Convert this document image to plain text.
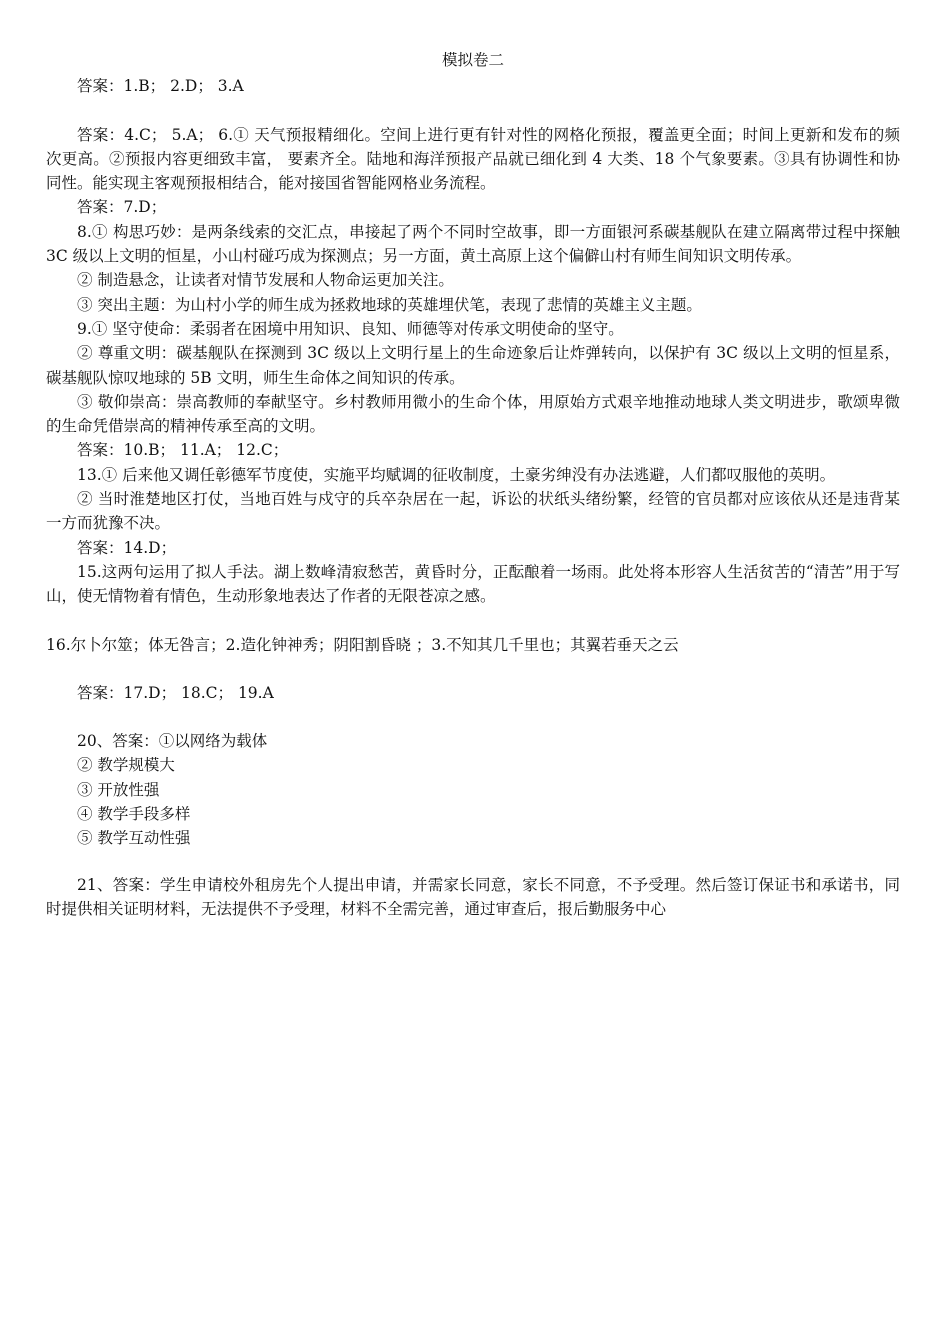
模拟卷二

答案：1.B； 2.D； 3.A

答案：4.C； 5.A； 6.① 天气预报精细化。空间上进行更有针对性的网格化预报，覆盖更全面；时间上更新和发布的频次更高。②预报内容更细致丰富， 要素齐全。陆地和海洋预报产品就已细化到 4 大类、18 个气象要素。③具有协调性和协同性。能实现主客观预报相结合，能对接国省智能网格业务流程。

答案：7.D；

8.① 构思巧妙：是两条线索的交汇点，串接起了两个不同时空故事，即一方面银河系碳基舰队在建立隔离带过程中探触 3C 级以上文明的恒星，小山村碰巧成为探测点；另一方面，黄土高原上这个偏僻山村有师生间知识文明传承。

② 制造悬念，让读者对情节发展和人物命运更加关注。

③ 突出主题：为山村小学的师生成为拯救地球的英雄埋伏笔，表现了悲情的英雄主义主题。

9.① 坚守使命：柔弱者在困境中用知识、良知、师德等对传承文明使命的坚守。

② 尊重文明：碳基舰队在探测到 3C 级以上文明行星上的生命迹象后让炸弹转向，以保护有 3C 级以上文明的恒星系，碳基舰队惊叹地球的 5B 文明，师生生命体之间知识的传承。

③ 敬仰崇高：崇高教师的奉献坚守。乡村教师用微小的生命个体，用原始方式艰辛地推动地球人类文明进步，歌颂卑微的生命凭借崇高的精神传承至高的文明。

答案：10.B； 11.A； 12.C；

13.① 后来他又调任彰德军节度使，实施平均赋调的征收制度，土豪劣绅没有办法逃避，人们都叹服他的英明。

② 当时淮楚地区打仗，当地百姓与戍守的兵卒杂居在一起，诉讼的状纸头绪纷繁，经管的官员都对应该依从还是违背某一方而犹豫不决。

答案：14.D；

15.这两句运用了拟人手法。湖上数峰清寂愁苦，黄昏时分，正酝酿着一场雨。此处将本形容人生活贫苦的“清苦”用于写山，使无情物着有情色，生动形象地表达了作者的无限苍凉之感。

16.尔卜尔筮；体无咎言；2.造化钟神秀；阴阳割昏晓 ；3.不知其几千里也；其翼若垂天之云

答案：17.D； 18.C； 19.A

20、答案：①以网络为载体

② 教学规模大

③ 开放性强

④ 教学手段多样

⑤ 教学互动性强

21、答案：学生申请校外租房先个人提出申请，并需家长同意，家长不同意，不予受理。然后签订保证书和承诺书，同时提供相关证明材料，无法提供不予受理，材料不全需完善，通过审查后，报后勤服务中心
